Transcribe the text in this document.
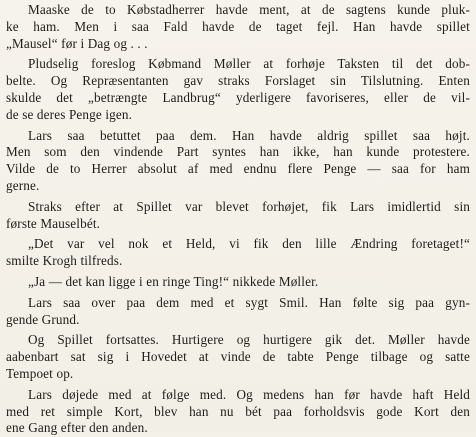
Maaske de to Købstadherrer havde ment, at de sagtens kunde pluk-
ke ham. Men i saa Fald havde de taget fejl. Han havde spillet
„Mausel“ før i Dag og . . .

Pludselig foreslog Købmand Møller at forhøje Taksten til det dob-
belte. Og Repræsentanten gav straks Forslaget sin Tilslutning. Enten
skulde det „betrængte Landbrug“ yderligere favoriseres, eller de vil-
de se deres Penge igen.

Lars saa betuttet paa dem. Han havde aldrig spillet saa højt.
Men som den vindende Part syntes han ikke, han kunde protestere.
Vilde de to Herrer absolut af med endnu flere Penge — saa for ham
gerne.

Straks efter at Spillet var blevet forhøjet, fik Lars imidlertid sin
første Mauselbét.

„Det var vel nok et Held, vi fik den lille Ændring foretaget!“
smilte Krogh tilfreds.

„Ja — det kan ligge i en ringe Ting!“ nikkede Møller.

Lars saa over paa dem med et sygt Smil. Han følte sig paa gyn-
gende Grund.

Og Spillet fortsattes. Hurtigere og hurtigere gik det. Møller havde
aabenbart sat sig i Hovedet at vinde de tabte Penge tilbage og satte
Tempoet op.

Lars døjede med at følge med. Og medens han før havde haft Held
med ret simple Kort, blev han nu bét paa forholdsvis gode Kort den
ene Gang efter den anden.
